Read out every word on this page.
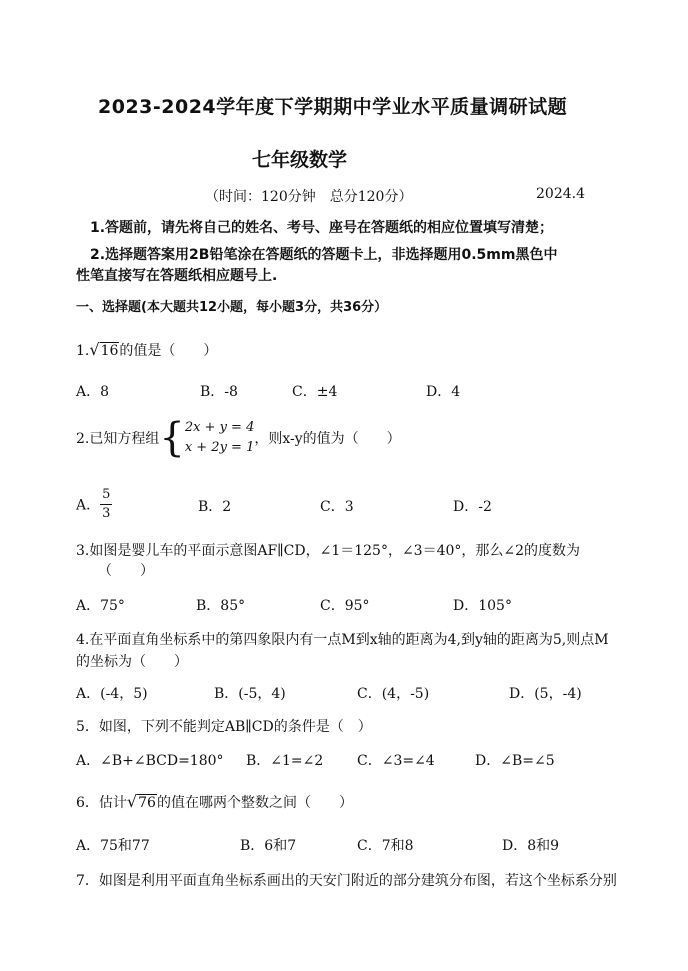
2023-2024学年度下学期期中学业水平质量调研试题
七年级数学
（时间：120分钟　总分120分）	2024.4
1.答题前，请先将自己的姓名、考号、座号在答题纸的相应位置填写清楚；
2.选择题答案用2B铅笔涂在答题纸的答题卡上，非选择题用0.5mm黑色中
性笔直接写在答题纸相应题号上.
一、选择题(本大题共12小题，每小题3分，共36分）
1.√16的值是（　　）
A．8	B．-8	C．±4	D．4
2.已知方程组{ 2x + y = 4
x + 2y = 1
，则x-y的值为（　　）
A． $\frac{5}{3}$	B．2	C．3	D．-2
3.如图是婴儿车的平面示意图AF∥CD，∠1＝125°，∠3＝40°，那么∠2的度数为
（　　）
A．75°	B．85°	C．95°	D．105°
4.在平面直角坐标系中的第四象限内有一点M到x轴的距离为4,到y轴的距离为5,则点M
的坐标为（　　）
A．(-4，5)	B．(-5，4)	C．(4，-5)	D．(5，-4)
5．如图，下列不能判定AB∥CD的条件是（　）
A．∠B+∠BCD=180° B．∠1=∠2 C．∠3=∠4	D．∠B=∠5
6．估计√76的值在哪两个整数之间（　　）
A．75和77	B．6和7	C．7和8	D．8和9
7．如图是利用平面直角坐标系画出的天安门附近的部分建筑分布图，若这个坐标系分别
